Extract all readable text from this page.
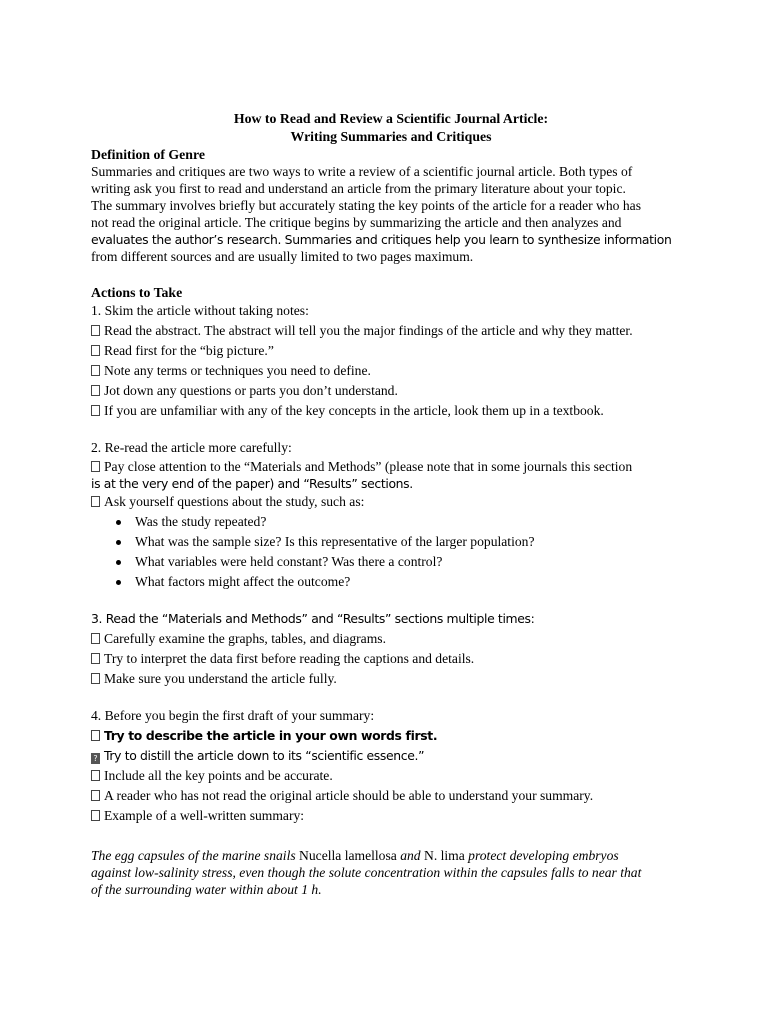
How to Read and Review a Scientific Journal Article:
Writing Summaries and Critiques
Definition of Genre

Summaries and critiques are two ways to write a review of a scientific journal article. Both types of

writing ask you first to read and understand an article from the primary literature about your topic.

The summary involves briefly but accurately stating the key points of the article for a reader who has

not read the original article. The critique begins by summarizing the article and then analyzes and

evaluates the author’s research. Summaries and critiques help you learn to synthesize information

from different sources and are usually limited to two pages maximum.

Actions to Take
1. Skim the article without taking notes:
Read the abstract. The abstract will tell you the major findings of the article and why they matter.
Read first for the “big picture.”
Note any terms or techniques you need to define.
Jot down any questions or parts you don’t understand.
If you are unfamiliar with any of the key concepts in the article, look them up in a textbook.
2. Re-read the article more carefully:
Pay close attention to the “Materials and Methods” (please note that in some journals this section
is at the very end of the paper) and “Results” sections.
Ask yourself questions about the study, such as:
Was the study repeated?
What was the sample size? Is this representative of the larger population?
What variables were held constant? Was there a control?
What factors might affect the outcome?
3. Read the “Materials and Methods” and “Results” sections multiple times:
Carefully examine the graphs, tables, and diagrams.
Try to interpret the data first before reading the captions and details.
Make sure you understand the article fully.
4. Before you begin the first draft of your summary:
Try to describe the article in your own words first.
? Try to distill the article down to its “scientific essence.”
Include all the key points and be accurate.
A reader who has not read the original article should be able to understand your summary.
Example of a well-written summary:
The egg capsules of the marine snails Nucella lamellosa and N. lima protect developing embryos
against low-salinity stress, even though the solute concentration within the capsules falls to near that
of the surrounding water within about 1 h.
